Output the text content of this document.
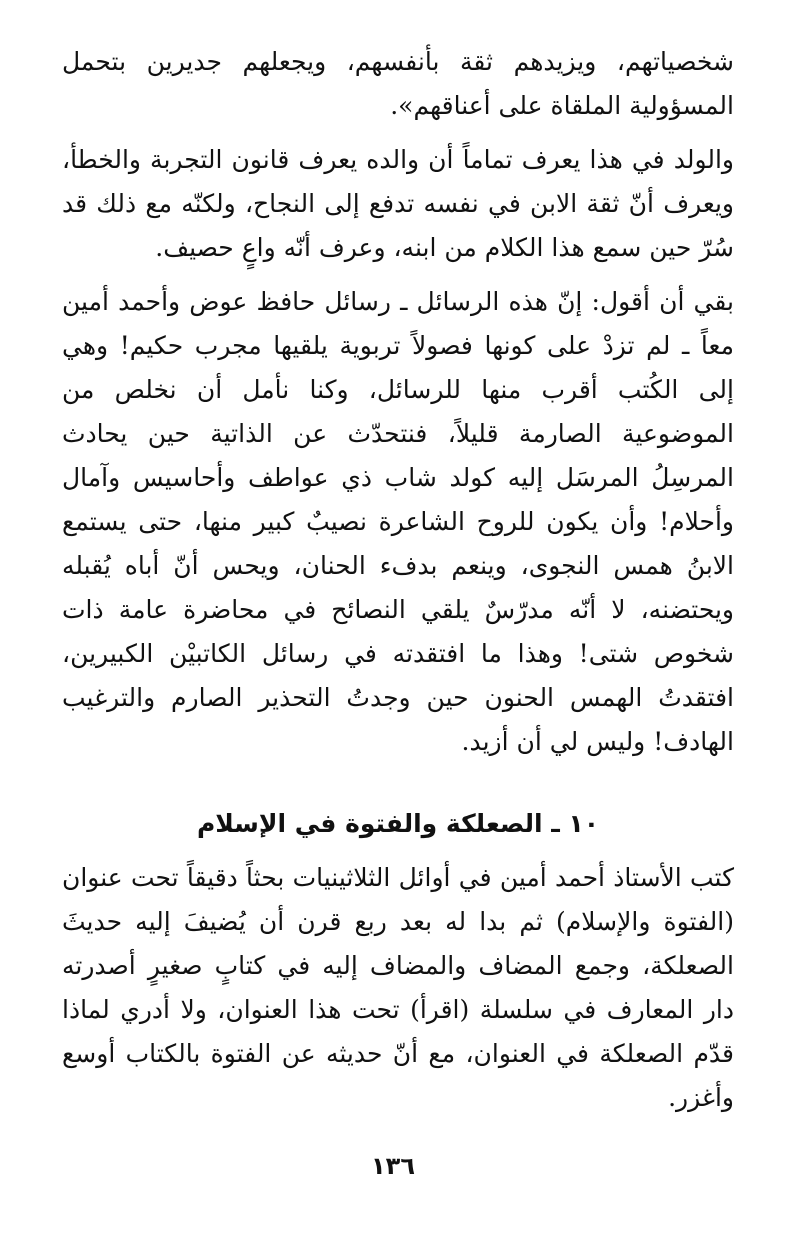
شخصياتهم، ويزيدهم ثقة بأنفسهم، ويجعلهم جديرين بتحمل المسؤولية الملقاة على أعناقهم».

والولد في هذا يعرف تماماً أن والده يعرف قانون التجربة والخطأ، ويعرف أنّ ثقة الابن في نفسه تدفع إلى النجاح، ولكنّه مع ذلك قد سُرّ حين سمع هذا الكلام من ابنه، وعرف أنّه واعٍ حصيف.

بقي أن أقول: إنّ هذه الرسائل ـ رسائل حافظ عوض وأحمد أمين معاً ـ لم تزدْ على كونها فصولاً تربوية يلقيها مجرب حكيم! وهي إلى الكُتب أقرب منها للرسائل، وكنا نأمل أن نخلص من الموضوعية الصارمة قليلاً، فنتحدّث عن الذاتية حين يحادث المرسِلُ المرسَل إليه كولد شاب ذي عواطف وأحاسيس وآمال وأحلام! وأن يكون للروح الشاعرة نصيبٌ كبير منها، حتى يستمع الابنُ همس النجوى، وينعم بدفء الحنان، ويحس أنّ أباه يُقبله ويحتضنه، لا أنّه مدرّسٌ يلقي النصائح في محاضرة عامة ذات شخوص شتى! وهذا ما افتقدته في رسائل الكاتبيْن الكبيرين، افتقدتُ الهمس الحنون حين وجدتُ التحذير الصارم والترغيب الهادف! وليس لي أن أزيد.

١٠ ـ الصعلكة والفتوة في الإسلام

كتب الأستاذ أحمد أمين في أوائل الثلاثينيات بحثاً دقيقاً تحت عنوان (الفتوة والإسلام) ثم بدا له بعد ربع قرن أن يُضيفَ إليه حديثَ الصعلكة، وجمع المضاف والمضاف إليه في كتابٍ صغيرٍ أصدرته دار المعارف في سلسلة (اقرأ) تحت هذا العنوان، ولا أدري لماذا قدّم الصعلكة في العنوان، مع أنّ حديثه عن الفتوة بالكتاب أوسع وأغزر.

١٣٦
